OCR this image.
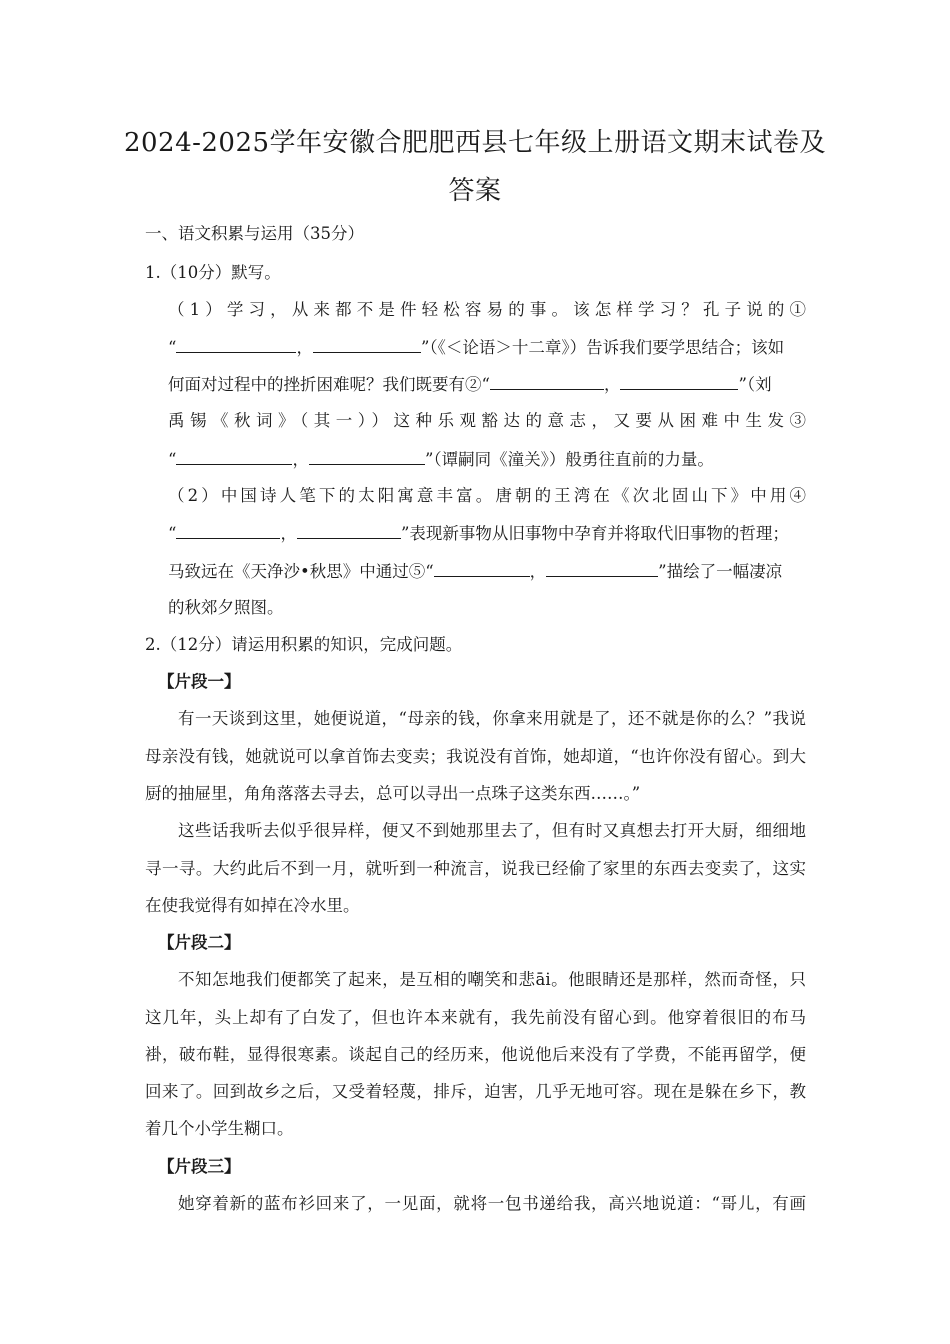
2024-2025学年安徽合肥肥西县七年级上册语文期末试卷及
答案
一、语文积累与运用（35分）
1.（10分）默写。
（1）学习，从来都不是件轻松容易的事。该怎样学习？孔子说的①
“	，	”（《＜论语＞十二章》）告诉我们要学思结合；该如
何面对过程中的挫折困难呢？我们既要有②“	，	”（刘
禹锡《秋词》（其一））这种乐观豁达的意志，又要从困难中生发③
“	，	”（谭嗣同《潼关》）般勇往直前的力量。
（2）中国诗人笔下的太阳寓意丰富。唐朝的王湾在《次北固山下》中用④
“	，	”表现新事物从旧事物中孕育并将取代旧事物的哲理；
马致远在《天净沙•秋思》中通过⑤“	，	”描绘了一幅凄凉
的秋郊夕照图。
2.（12分）请运用积累的知识，完成问题。
【片段一】
有一天谈到这里，她便说道，“母亲的钱，你拿来用就是了，还不就是你的么？”我说
母亲没有钱，她就说可以拿首饰去变卖；我说没有首饰，她却道，“也许你没有留心。到大
厨的抽屉里，角角落落去寻去，总可以寻出一点珠子这类东西……。”
这些话我听去似乎很异样，便又不到她那里去了，但有时又真想去打开大厨，细细地
寻一寻。大约此后不到一月，就听到一种流言，说我已经偷了家里的东西去变卖了，这实
在使我觉得有如掉在冷水里。
【片段二】
不知怎地我们便都笑了起来，是互相的嘲笑和悲āi。他眼睛还是那样，然而奇怪，只
这几年，头上却有了白发了，但也许本来就有，我先前没有留心到。他穿着很旧的布马
褂，破布鞋，显得很寒素。谈起自己的经历来，他说他后来没有了学费，不能再留学，便
回来了。回到故乡之后，又受着轻蔑，排斥，迫害，几乎无地可容。现在是躲在乡下，教
着几个小学生糊口。
【片段三】
她穿着新的蓝布衫回来了，一见面，就将一包书递给我，高兴地说道：“哥儿，有画
